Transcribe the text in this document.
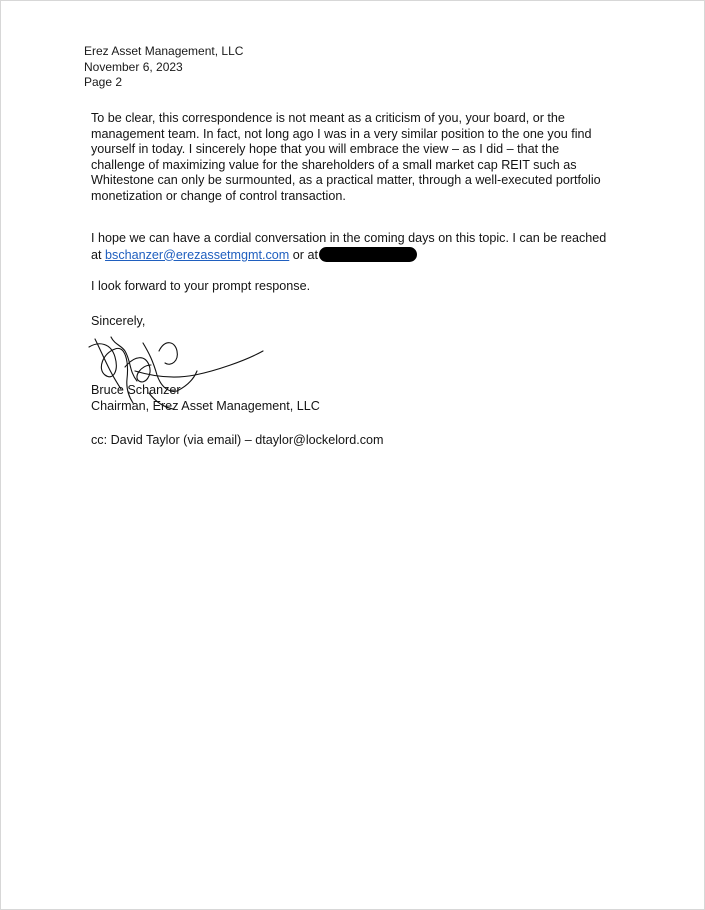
Erez Asset Management, LLC
November 6, 2023
Page 2
To be clear, this correspondence is not meant as a criticism of you, your board, or the
management team. In fact, not long ago I was in a very similar position to the one you find
yourself in today. I sincerely hope that you will embrace the view – as I did – that the
challenge of maximizing value for the shareholders of a small market cap REIT such as
Whitestone can only be surmounted, as a practical matter, through a well-executed portfolio
monetization or change of control transaction.
I hope we can have a cordial conversation in the coming days on this topic. I can be reached
at bschanzer@erezassetmgmt.com or at
I look forward to your prompt response.
Sincerely,
Bruce Schanzer
Chairman, Erez Asset Management, LLC
cc: David Taylor (via email) – dtaylor@lockelord.com
